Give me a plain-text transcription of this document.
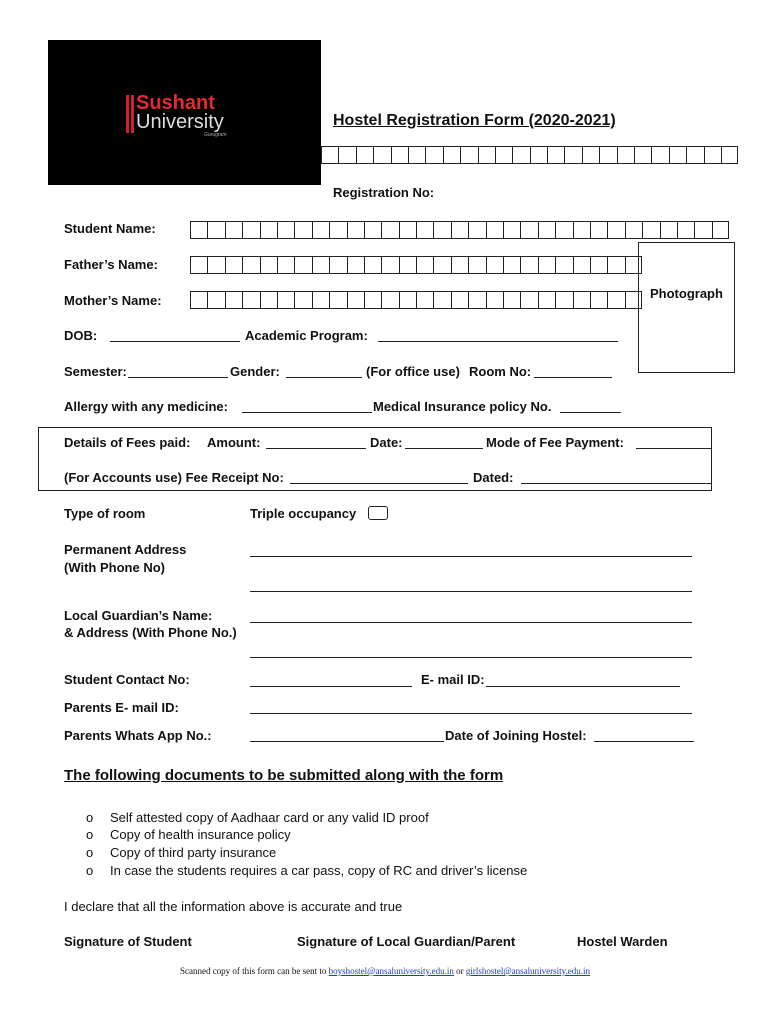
Sushant
University
Gurugram
Hostel Registration Form (2020-2021)
Registration No:
Student Name:
Father’s Name:
Mother’s Name:	Photograph
DOB:	Academic Program:
Semester:	Gender:	(For office use) Room No:
Allergy with any medicine:	Medical Insurance policy No.
Details of Fees paid: Amount:	Date:	Mode of Fee Payment:
(For Accounts use) Fee Receipt No:	Dated:
Type of room	Triple occupancy
Permanent Address
(With Phone No)
Local Guardian’s Name:
& Address (With Phone No.)
Student Contact No:	E- mail ID:
Parents E- mail ID:
Parents Whats App No.:	Date of Joining Hostel:
The following documents to be submitted along with the form
o Self attested copy of Aadhaar card or any valid ID proof
o Copy of health insurance policy
o Copy of third party insurance
o In case the students requires a car pass, copy of RC and driver’s license
I declare that all the information above is accurate and true
Signature of Student	Signature of Local Guardian/Parent	Hostel Warden
Scanned copy of this form can be sent to boyshostel@ansaluniversity.edu.in or girlshostel@ansaluniversity.edu.in
